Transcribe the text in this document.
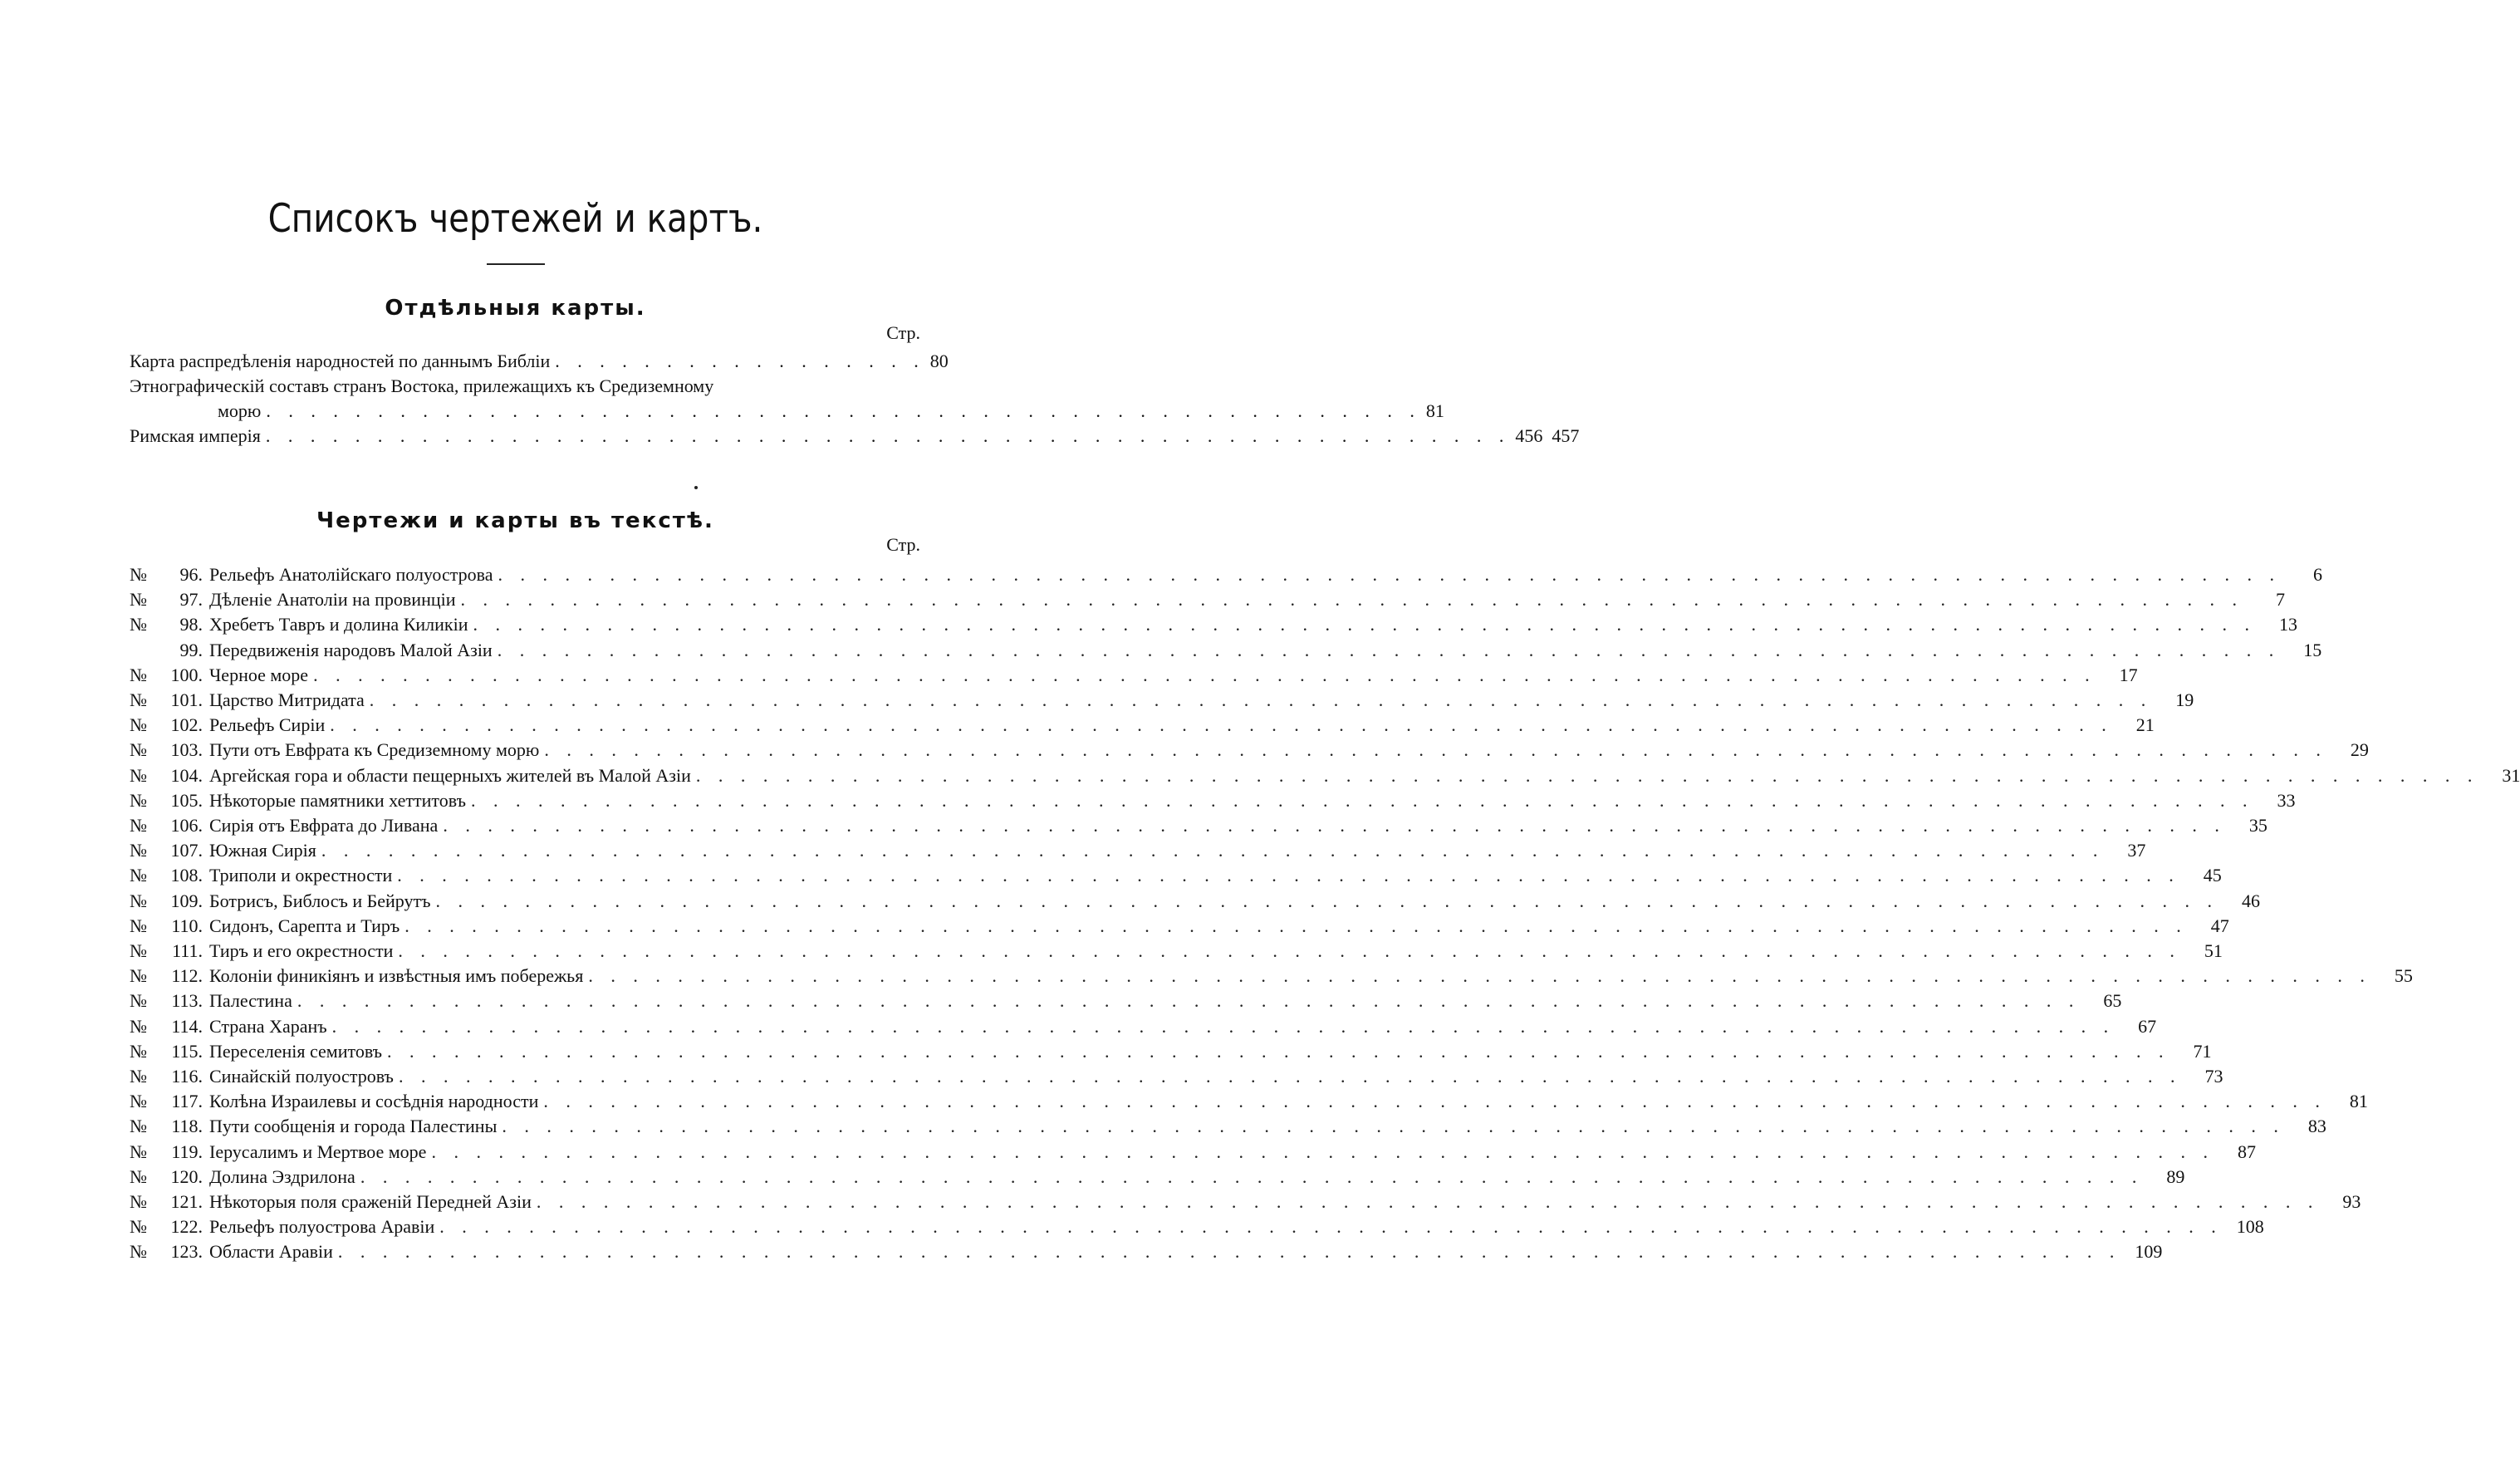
Списокъ чертежей и картъ.
Отдѣльныя карты.
Стр.
Карта распредѣленія народностей по даннымъ Библіи . . . . . . . . . . . . . . . . . 80
Этнографическій составъ странъ Востока, прилежащихъ къ Средиземному
морю . . . . . . . . . . . . . . . . . . . . . . . . . . . . . . . . . . . . . . . . . . . . . . . . . . . . 81
Римская имперія . . . . . . . . . . . . . . . . . . . . . . . . . . . . . . . . . . . . . . . . . . . . . . . . . . . . . . . . 456  457
Чертежи и карты въ текстѣ.
Стр.
№ 96. Рельефъ Анатолійскаго полуострова . . . . . . . . . . . . . . . . . . . . . . . . . . . . . . . . . . . . . . . . . . . . . . . . . . . . . . . . . . . . . . . . . . . . . . . . . . . . . . . .	6
№ 97. Дѣленіе Анатоліи на провинціи . . . . . . . . . . . . . . . . . . . . . . . . . . . . . . . . . . . . . . . . . . . . . . . . . . . . . . . . . . . . . . . . . . . . . . . . . . . . . . . .	7
№ 98. Хребетъ Тавръ и долина Киликіи . . . . . . . . . . . . . . . . . . . . . . . . . . . . . . . . . . . . . . . . . . . . . . . . . . . . . . . . . . . . . . . . . . . . . . . . . . . . . . . .	13
99. Передвиженія народовъ Малой Азіи . . . . . . . . . . . . . . . . . . . . . . . . . . . . . . . . . . . . . . . . . . . . . . . . . . . . . . . . . . . . . . . . . . . . . . . . . . . . . . . .	15
№ 100. Черное море . . . . . . . . . . . . . . . . . . . . . . . . . . . . . . . . . . . . . . . . . . . . . . . . . . . . . . . . . . . . . . . . . . . . . . . . . . . . . . . .	17
№ 101. Царство Митридата . . . . . . . . . . . . . . . . . . . . . . . . . . . . . . . . . . . . . . . . . . . . . . . . . . . . . . . . . . . . . . . . . . . . . . . . . . . . . . . .	19
№ 102. Рельефъ Сиріи . . . . . . . . . . . . . . . . . . . . . . . . . . . . . . . . . . . . . . . . . . . . . . . . . . . . . . . . . . . . . . . . . . . . . . . . . . . . . . . .	21
№ 103. Пути отъ Евфрата къ Средиземному морю . . . . . . . . . . . . . . . . . . . . . . . . . . . . . . . . . . . . . . . . . . . . . . . . . . . . . . . . . . . . . . . . . . . . . . . . . . . . . . . .	29
№ 104. Аргейская гора и области пещерныхъ жителей въ Малой Азіи . . . . . . . . . . . . . . . . . . . . . . . . . . . . . . . . . . . . . . . . . . . . . . . . . . . . . . . . . . . . . . . . . . . . . . . . . . . . . . . .	31
№ 105. Нѣкоторые памятники хеттитовъ . . . . . . . . . . . . . . . . . . . . . . . . . . . . . . . . . . . . . . . . . . . . . . . . . . . . . . . . . . . . . . . . . . . . . . . . . . . . . . . .	33
№ 106. Сирія отъ Евфрата до Ливана . . . . . . . . . . . . . . . . . . . . . . . . . . . . . . . . . . . . . . . . . . . . . . . . . . . . . . . . . . . . . . . . . . . . . . . . . . . . . . . .	35
№ 107. Южная Сирія . . . . . . . . . . . . . . . . . . . . . . . . . . . . . . . . . . . . . . . . . . . . . . . . . . . . . . . . . . . . . . . . . . . . . . . . . . . . . . . .	37
№ 108. Триполи и окрестности . . . . . . . . . . . . . . . . . . . . . . . . . . . . . . . . . . . . . . . . . . . . . . . . . . . . . . . . . . . . . . . . . . . . . . . . . . . . . . . .	45
№ 109. Ботрисъ, Библосъ и Бейрутъ . . . . . . . . . . . . . . . . . . . . . . . . . . . . . . . . . . . . . . . . . . . . . . . . . . . . . . . . . . . . . . . . . . . . . . . . . . . . . . . .	46
№ 110. Сидонъ, Сарепта и Тиръ . . . . . . . . . . . . . . . . . . . . . . . . . . . . . . . . . . . . . . . . . . . . . . . . . . . . . . . . . . . . . . . . . . . . . . . . . . . . . . . .	47
№ 111. Тиръ и его окрестности . . . . . . . . . . . . . . . . . . . . . . . . . . . . . . . . . . . . . . . . . . . . . . . . . . . . . . . . . . . . . . . . . . . . . . . . . . . . . . . .	51
№ 112. Колоніи финикіянъ и извѣстныя имъ побережья . . . . . . . . . . . . . . . . . . . . . . . . . . . . . . . . . . . . . . . . . . . . . . . . . . . . . . . . . . . . . . . . . . . . . . . . . . . . . . . .	55
№ 113. Палестина . . . . . . . . . . . . . . . . . . . . . . . . . . . . . . . . . . . . . . . . . . . . . . . . . . . . . . . . . . . . . . . . . . . . . . . . . . . . . . . .	65
№ 114. Страна Харанъ . . . . . . . . . . . . . . . . . . . . . . . . . . . . . . . . . . . . . . . . . . . . . . . . . . . . . . . . . . . . . . . . . . . . . . . . . . . . . . . .	67
№ 115. Переселенія семитовъ . . . . . . . . . . . . . . . . . . . . . . . . . . . . . . . . . . . . . . . . . . . . . . . . . . . . . . . . . . . . . . . . . . . . . . . . . . . . . . . .	71
№ 116. Синайскій полуостровъ . . . . . . . . . . . . . . . . . . . . . . . . . . . . . . . . . . . . . . . . . . . . . . . . . . . . . . . . . . . . . . . . . . . . . . . . . . . . . . . .	73
№ 117. Колѣна Израилевы и сосѣднія народности . . . . . . . . . . . . . . . . . . . . . . . . . . . . . . . . . . . . . . . . . . . . . . . . . . . . . . . . . . . . . . . . . . . . . . . . . . . . . . . .	81
№ 118. Пути сообщенія и города Палестины . . . . . . . . . . . . . . . . . . . . . . . . . . . . . . . . . . . . . . . . . . . . . . . . . . . . . . . . . . . . . . . . . . . . . . . . . . . . . . . .	83
№ 119. Іерусалимъ и Мертвое море . . . . . . . . . . . . . . . . . . . . . . . . . . . . . . . . . . . . . . . . . . . . . . . . . . . . . . . . . . . . . . . . . . . . . . . . . . . . . . . .	87
№ 120. Долина Эздрилона . . . . . . . . . . . . . . . . . . . . . . . . . . . . . . . . . . . . . . . . . . . . . . . . . . . . . . . . . . . . . . . . . . . . . . . . . . . . . . . .	89
№ 121. Нѣкоторыя поля сраженій Передней Азіи . . . . . . . . . . . . . . . . . . . . . . . . . . . . . . . . . . . . . . . . . . . . . . . . . . . . . . . . . . . . . . . . . . . . . . . . . . . . . . . .	93
№ 122. Рельефъ полуострова Аравіи . . . . . . . . . . . . . . . . . . . . . . . . . . . . . . . . . . . . . . . . . . . . . . . . . . . . . . . . . . . . . . . . . . . . . . . . . . . . . . . . 108
№ 123. Области Аравіи . . . . . . . . . . . . . . . . . . . . . . . . . . . . . . . . . . . . . . . . . . . . . . . . . . . . . . . . . . . . . . . . . . . . . . . . . . . . . . . . 109
